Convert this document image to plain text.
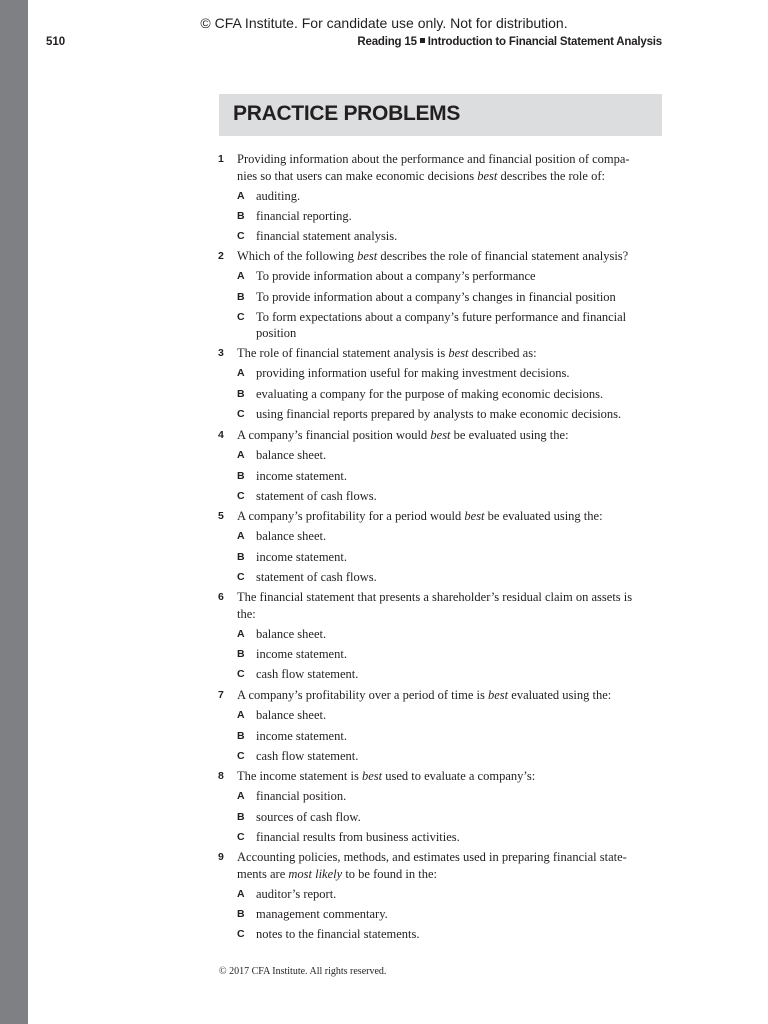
© CFA Institute. For candidate use only. Not for distribution.
510	Reading 15 Introduction to Financial Statement Analysis
PRACTICE PROBLEMS
1 Providing information about the performance and financial position of compa-
nies so that users can make economic decisions best describes the role of:
A auditing.
B financial reporting.
C financial statement analysis.
2 Which of the following best describes the role of financial statement analysis?
A To provide information about a company’s performance
B To provide information about a company’s changes in financial position
C To form expectations about a company’s future performance and financial
position
3 The role of financial statement analysis is best described as:
A providing information useful for making investment decisions.
B evaluating a company for the purpose of making economic decisions.
C using financial reports prepared by analysts to make economic decisions.
4 A company’s financial position would best be evaluated using the:
A balance sheet.
B income statement.
C statement of cash flows.
5 A company’s profitability for a period would best be evaluated using the:
A balance sheet.
B income statement.
C statement of cash flows.
6 The financial statement that presents a shareholder’s residual claim on assets is
the:
A balance sheet.
B income statement.
C cash flow statement.
7 A company’s profitability over a period of time is best evaluated using the:
A balance sheet.
B income statement.
C cash flow statement.
8 The income statement is best used to evaluate a company’s:
A financial position.
B sources of cash flow.
C financial results from business activities.
9 Accounting policies, methods, and estimates used in preparing financial state-
ments are most likely to be found in the:
A auditor’s report.
B management commentary.
C notes to the financial statements.
© 2017 CFA Institute. All rights reserved.
